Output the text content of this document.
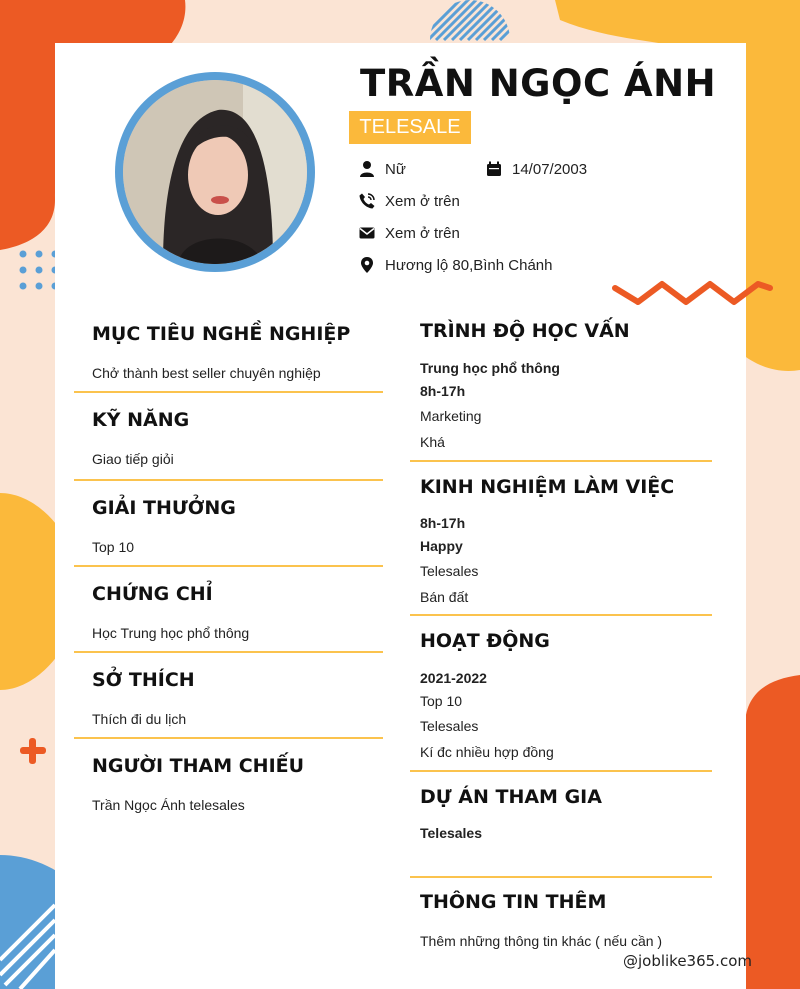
TRẦN NGỌC ÁNH
TELESALE
Nữ	14/07/2003
Xem ở trên
Xem ở trên
Hương lộ 80,Bình Chánh
MỤC TIÊU NGHỀ NGHIỆP
Chở thành best seller chuyên nghiệp
KỸ NĂNG
Giao tiếp giỏi
GIẢI THƯỞNG
Top 10
CHỨNG CHỈ
Học Trung học phổ thông
SỞ THÍCH
Thích đi du lịch
NGƯỜI THAM CHIẾU
Trần Ngọc Ánh telesales
TRÌNH ĐỘ HỌC VẤN
Trung học phổ thông
8h-17h
Marketing
Khá
KINH NGHIỆM LÀM VIỆC
8h-17h
Happy
Telesales
Bán đất
HOẠT ĐỘNG
2021-2022
Top 10
Telesales
Kí đc nhiều hợp đồng
DỰ ÁN THAM GIA
Telesales
THÔNG TIN THÊM
Thêm những thông tin khác ( nếu cần )
@joblike365.com
